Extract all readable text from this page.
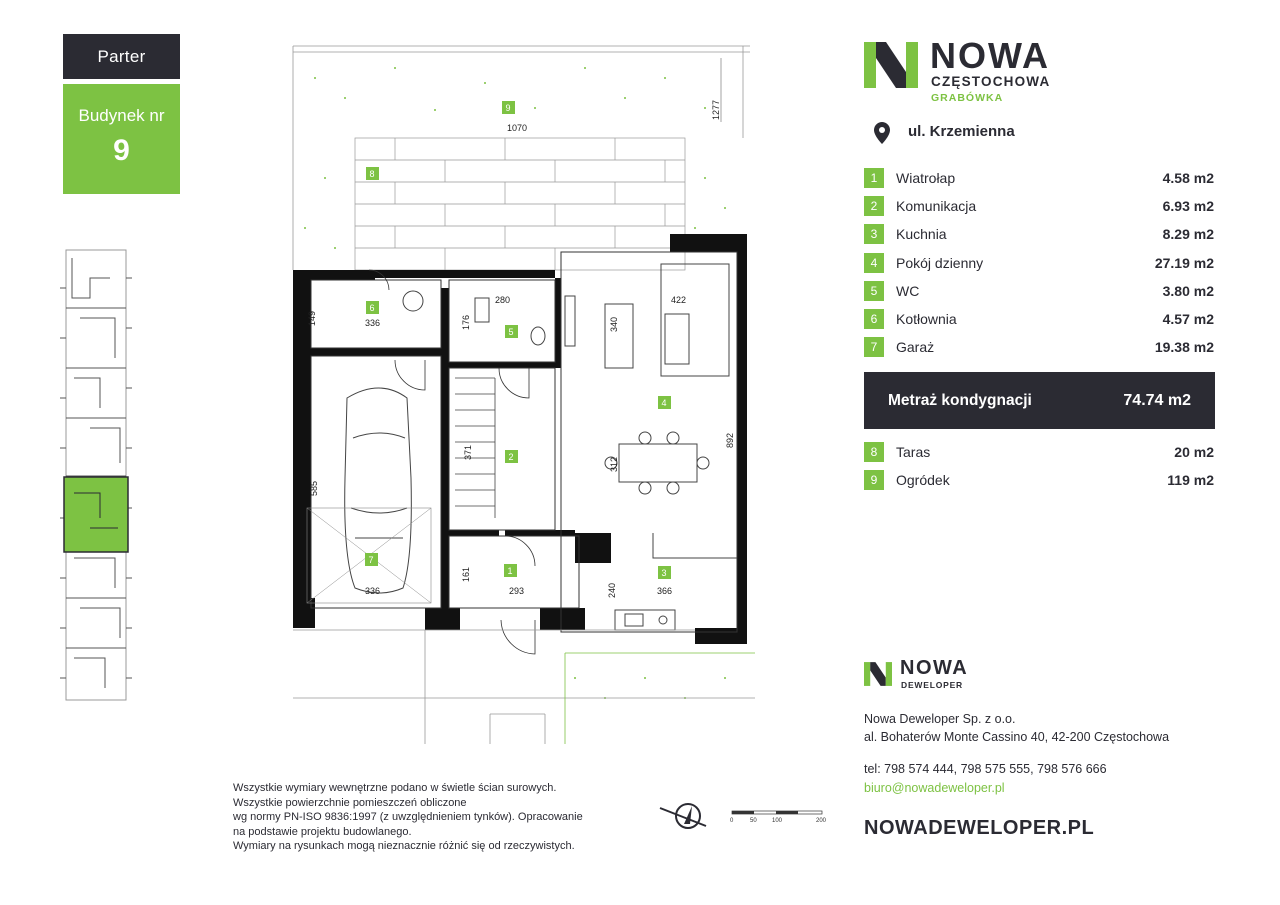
Parter
Budynek nr
9
1070
1277
336
149
280
176	340
422
585
371
312
892
161
293	240	366
336
1
2
3
4
5
6
7
8
9
NOWA
CZĘSTOCHOWA
GRABÓWKA
ul. Krzemienna
1	Wiatrołap	4.58 m2
2	Komunikacja	6.93 m2
3	Kuchnia	8.29 m2
4	Pokój dzienny	27.19 m2
5	WC	3.80 m2
6	Kotłownia	4.57 m2
7	Garaż	19.38 m2
Metraż kondygnacji	74.74 m2
8	Taras	20 m2
9	Ogródek	119 m2
NOWA
DEWELOPER
Nowa Deweloper Sp. z o.o.
al. Bohaterów Monte Cassino 40, 42-200 Częstochowa
tel: 798 574 444, 798 575 555, 798 576 666
biuro@nowadeweloper.pl
NOWADEWELOPER.PL
Wszystkie wymiary wewnętrzne podano w świetle ścian surowych.
Wszystkie powierzchnie pomieszczeń obliczone
wg normy PN-ISO 9836:1997 (z uwzględnieniem tynków). Opracowanie
na podstawie projektu budowlanego.
Wymiary na rysunkach mogą nieznacznie różnić się od rzeczywistych.
0	50	100	200
